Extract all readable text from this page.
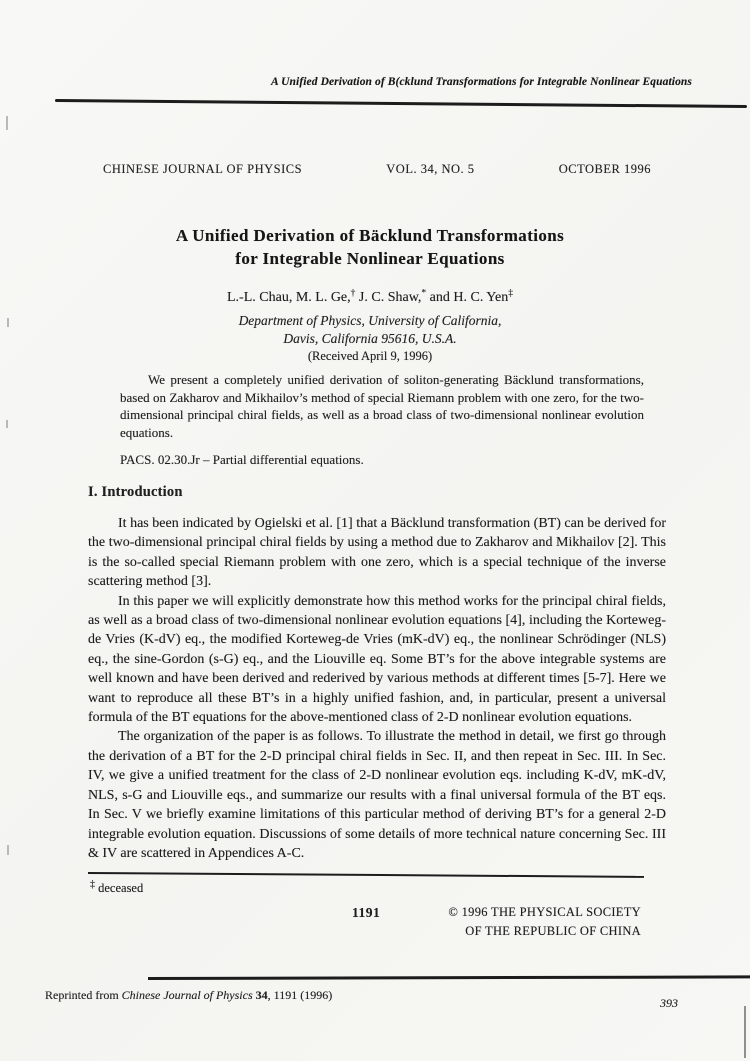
A Unified Derivation of B(cklund Transformations for Integrable Nonlinear Equations
CHINESE JOURNAL OF PHYSICS	VOL. 34, NO. 5	OCTOBER 1996
A Unified Derivation of Bäcklund Transformations
for Integrable Nonlinear Equations
L.-L. Chau, M. L. Ge,† J. C. Shaw,* and H. C. Yen‡
Department of Physics, University of California,
Davis, California 95616, U.S.A.
(Received April 9, 1996)

We present a completely unified derivation of soliton-generating Bäcklund transformations, based on Zakharov and Mikhailov’s method of special Riemann problem with one zero, for the two-dimensional principal chiral fields, as well as a broad class of two-dimensional nonlinear evolution equations.

PACS. 02.30.Jr – Partial differential equations.

I. Introduction

It has been indicated by Ogielski et al. [1] that a Bäcklund transformation (BT) can be derived for the two-dimensional principal chiral fields by using a method due to Zakharov and Mikhailov [2]. This is the so-called special Riemann problem with one zero, which is a special technique of the inverse scattering method [3].

In this paper we will explicitly demonstrate how this method works for the principal chiral fields, as well as a broad class of two-dimensional nonlinear evolution equations [4], including the Korteweg-de Vries (K-dV) eq., the modified Korteweg-de Vries (mK-dV) eq., the nonlinear Schrödinger (NLS) eq., the sine-Gordon (s-G) eq., and the Liouville eq. Some BT’s for the above integrable systems are well known and have been derived and rederived by various methods at different times [5-7]. Here we want to reproduce all these BT’s in a highly unified fashion, and, in particular, present a universal formula of the BT equations for the above-mentioned class of 2-D nonlinear evolution equations.

The organization of the paper is as follows. To illustrate the method in detail, we first go through the derivation of a BT for the 2-D principal chiral fields in Sec. II, and then repeat in Sec. III. In Sec. IV, we give a unified treatment for the class of 2-D nonlinear evolution eqs. including K-dV, mK-dV, NLS, s-G and Liouville eqs., and summarize our results with a final universal formula of the BT eqs. In Sec. V we briefly examine limitations of this particular method of deriving BT’s for a general 2-D integrable evolution equation. Discussions of some details of more technical nature concerning Sec. III & IV are scattered in Appendices A-C.

‡ deceased
1191	© 1996 THE PHYSICAL SOCIETY
OF THE REPUBLIC OF CHINA
Reprinted from Chinese Journal of Physics 34, 1191 (1996)
393
